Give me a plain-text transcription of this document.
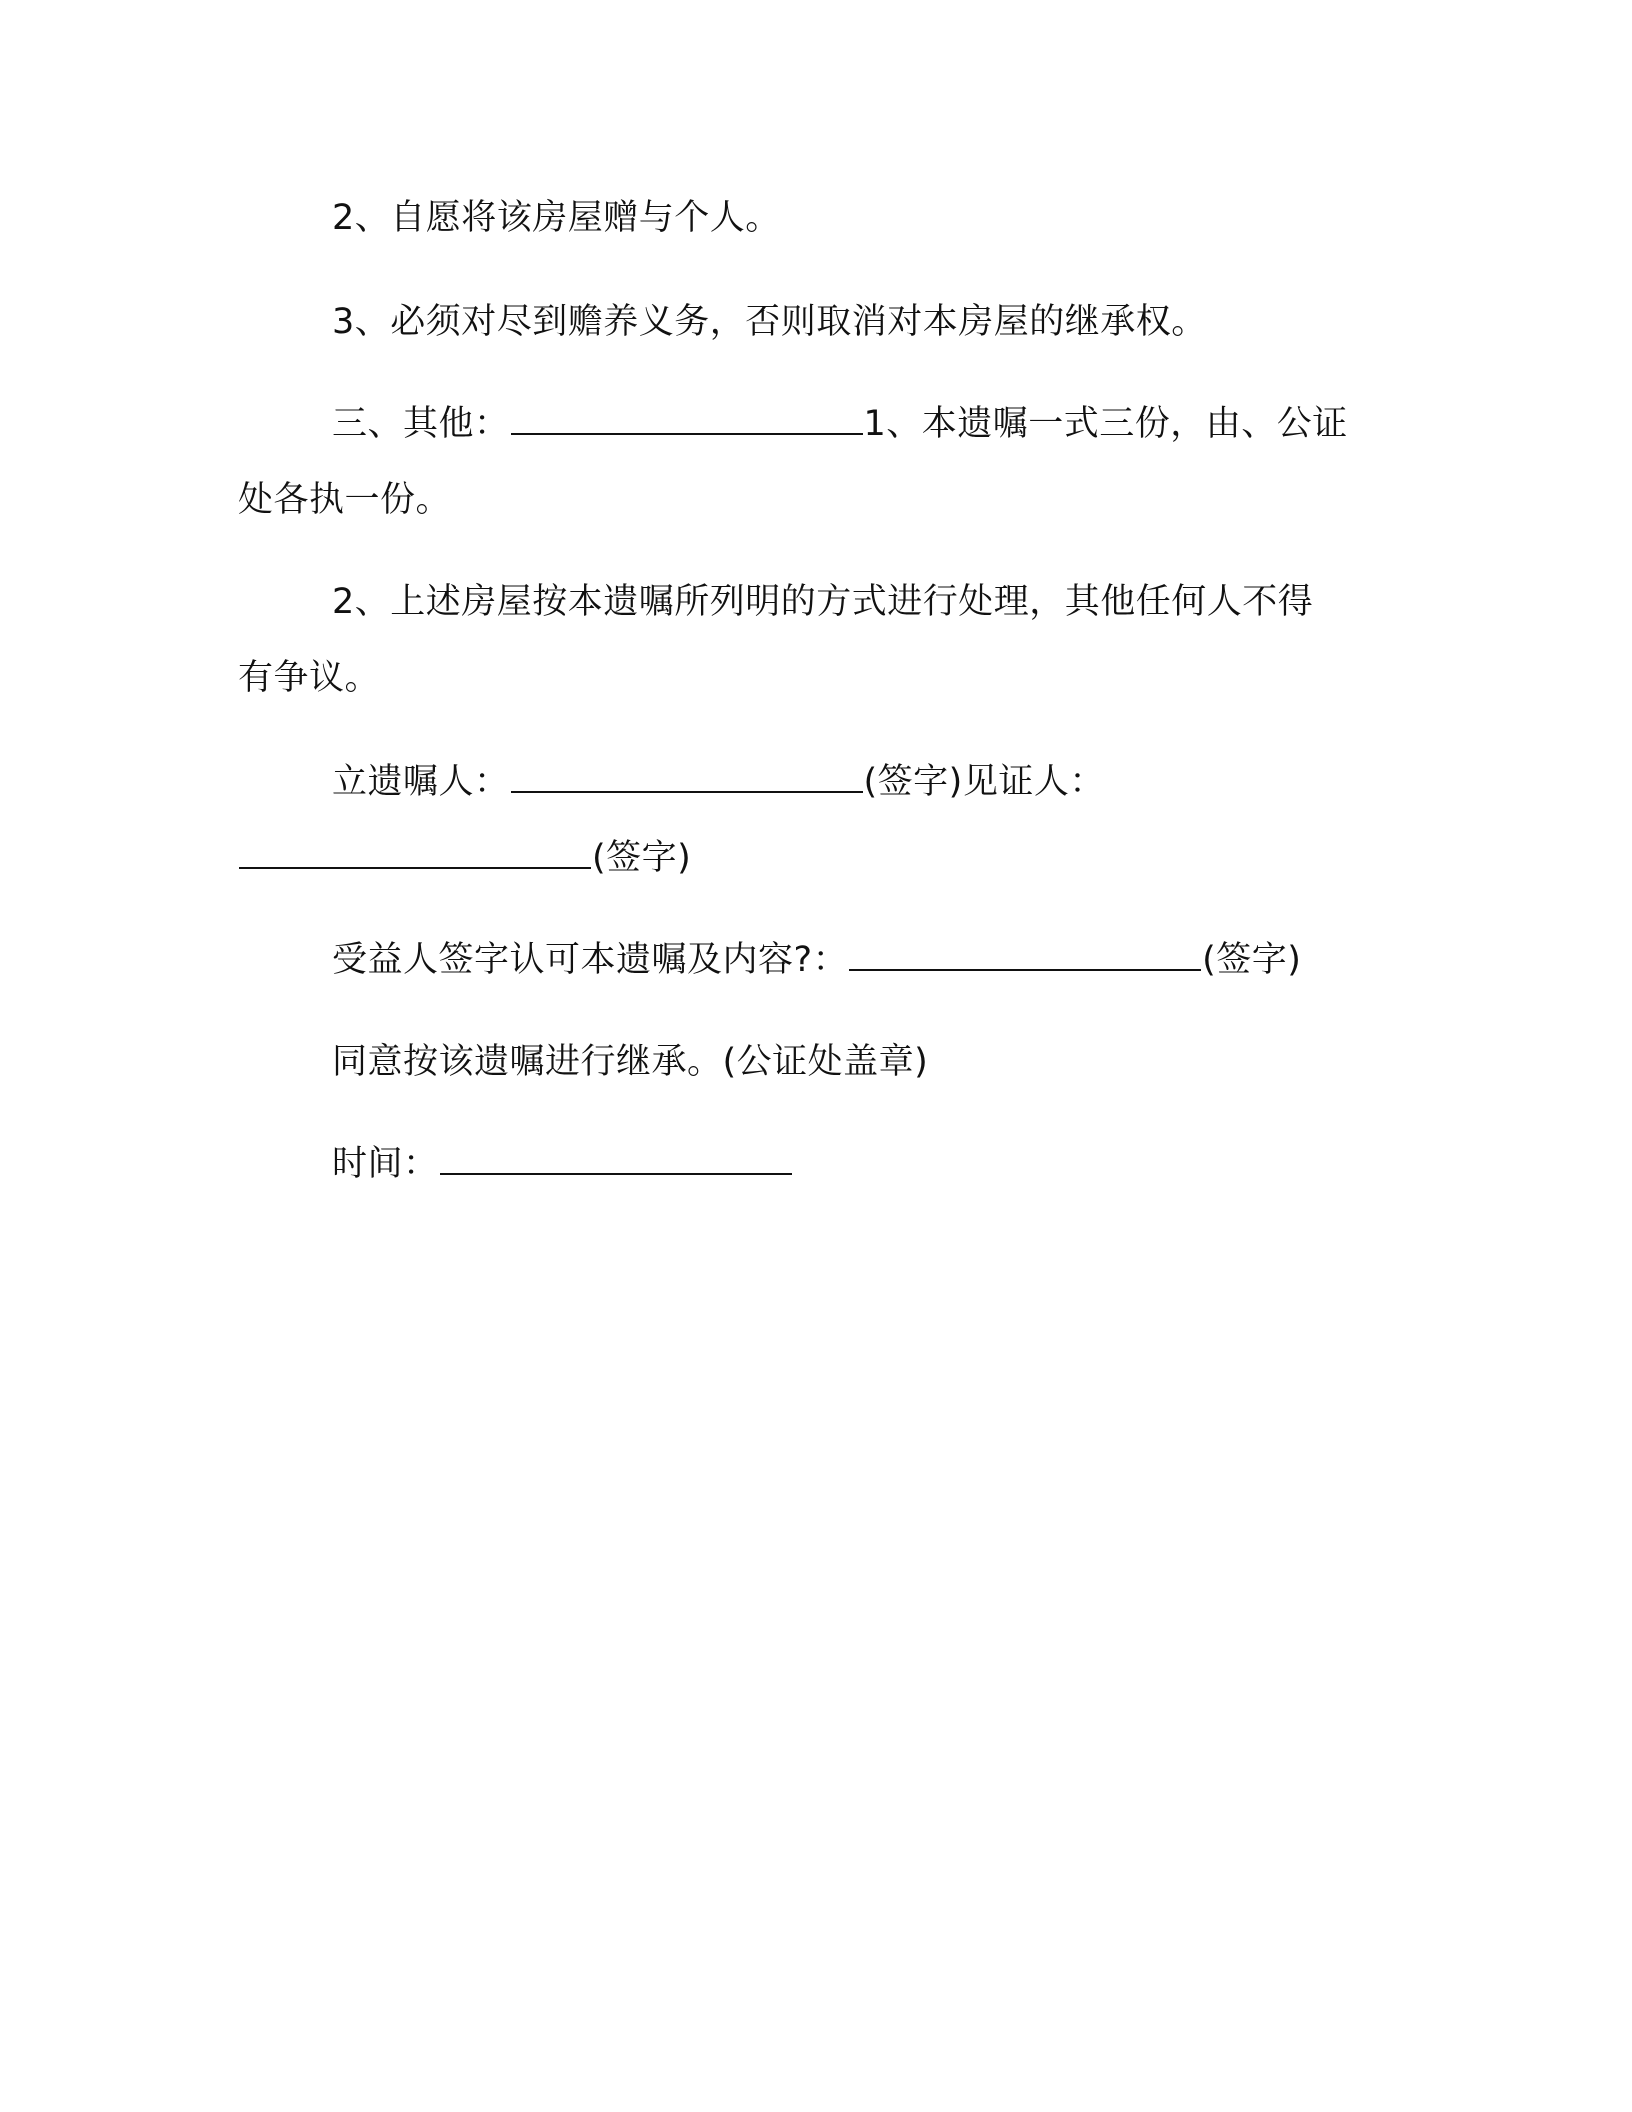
2、自愿将该房屋赠与个人。
3、必须对尽到赡养义务，否则取消对本房屋的继承权。
三、其他：	1、本遗嘱一式三份，由、公证
处各执一份。
2、上述房屋按本遗嘱所列明的方式进行处理，其他任何人不得
有争议。
立遗嘱人：	(签字)见证人：
(签字)
受益人签字认可本遗嘱及内容?：	(签字)
同意按该遗嘱进行继承。(公证处盖章)
时间：
